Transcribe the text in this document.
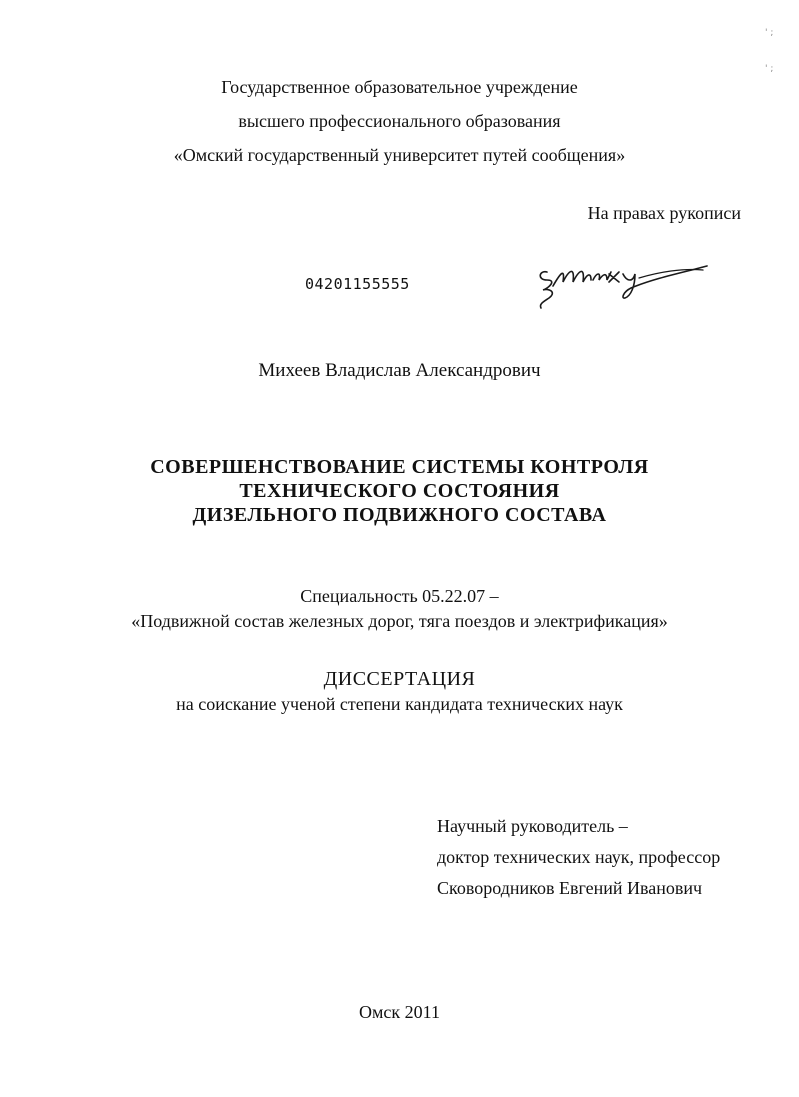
' ;
' ;
Государственное образовательное учреждение
высшего профессионального образования
«Омский государственный университет путей сообщения»
На правах рукописи
04201155555
Михеев Владислав Александрович
СОВЕРШЕНСТВОВАНИЕ СИСТЕМЫ КОНТРОЛЯ
ТЕХНИЧЕСКОГО СОСТОЯНИЯ
ДИЗЕЛЬНОГО ПОДВИЖНОГО СОСТАВА
Специальность 05.22.07 –
«Подвижной состав железных дорог, тяга поездов и электрификация»
ДИССЕРТАЦИЯ
на соискание ученой степени кандидата технических наук
Научный руководитель –
доктор технических наук, профессор
Сковородников Евгений Иванович
Омск 2011
